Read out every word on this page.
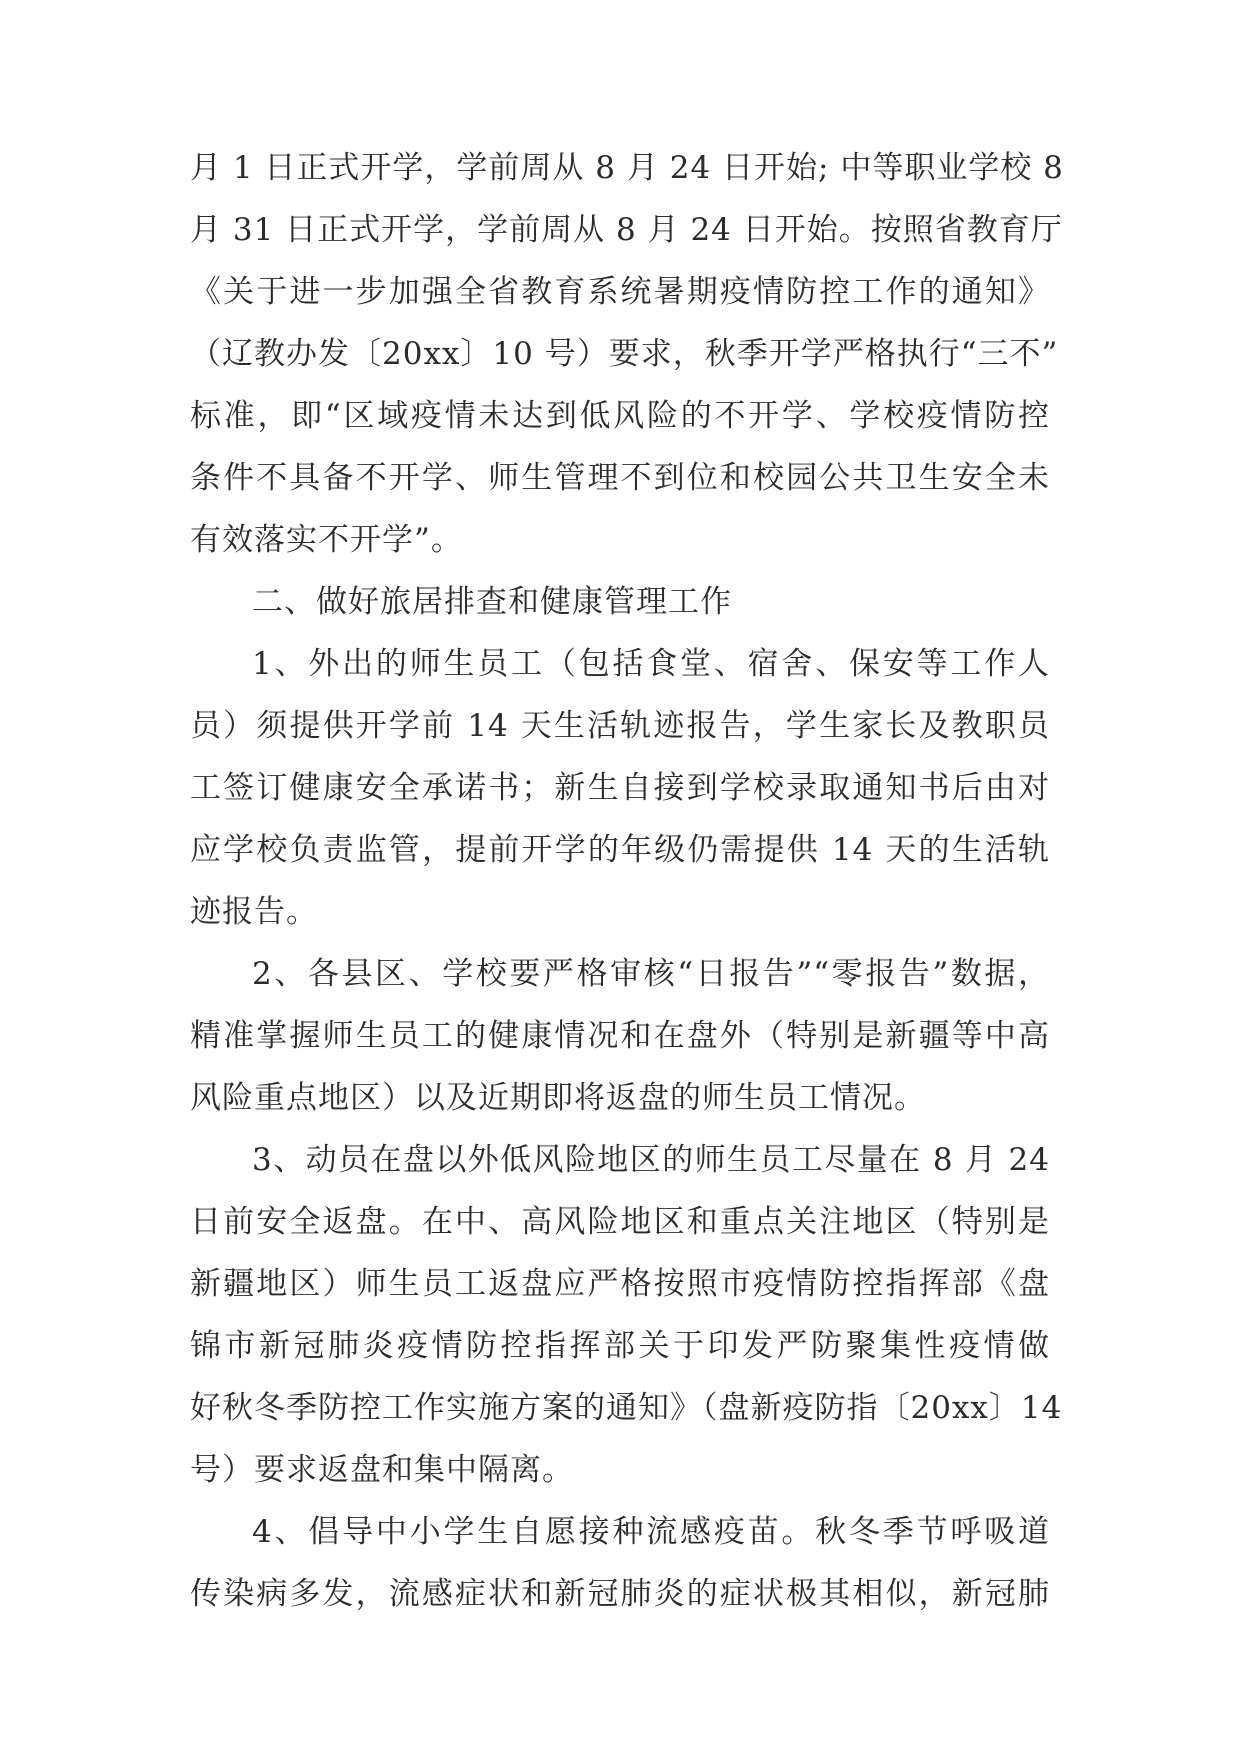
月 1 日正式开学，学前周从 8 月 24 日开始; 中等职业学校 8
月 31 日正式开学，学前周从 8 月 24 日开始。按照省教育厅
《关于进一步加强全省教育系统暑期疫情防控工作的通知》
（辽教办发〔20xx〕10 号）要求，秋季开学严格执行“三不”
标准，即“区域疫情未达到低风险的不开学、学校疫情防控
条件不具备不开学、师生管理不到位和校园公共卫生安全未
有效落实不开学”。
二、做好旅居排查和健康管理工作
1、外出的师生员工（包括食堂、宿舍、保安等工作人
员）须提供开学前 14 天生活轨迹报告，学生家长及教职员
工签订健康安全承诺书；新生自接到学校录取通知书后由对
应学校负责监管，提前开学的年级仍需提供 14 天的生活轨
迹报告。
2、各县区、学校要严格审核“日报告”“零报告”数据，
精准掌握师生员工的健康情况和在盘外（特别是新疆等中高
风险重点地区）以及近期即将返盘的师生员工情况。
3、动员在盘以外低风险地区的师生员工尽量在 8 月 24
日前安全返盘。在中、高风险地区和重点关注地区（特别是
新疆地区）师生员工返盘应严格按照市疫情防控指挥部《盘
锦市新冠肺炎疫情防控指挥部关于印发严防聚集性疫情做
好秋冬季防控工作实施方案的通知》（盘新疫防指〔20xx〕14
号）要求返盘和集中隔离。
4、倡导中小学生自愿接种流感疫苗。秋冬季节呼吸道
传染病多发，流感症状和新冠肺炎的症状极其相似，新冠肺
